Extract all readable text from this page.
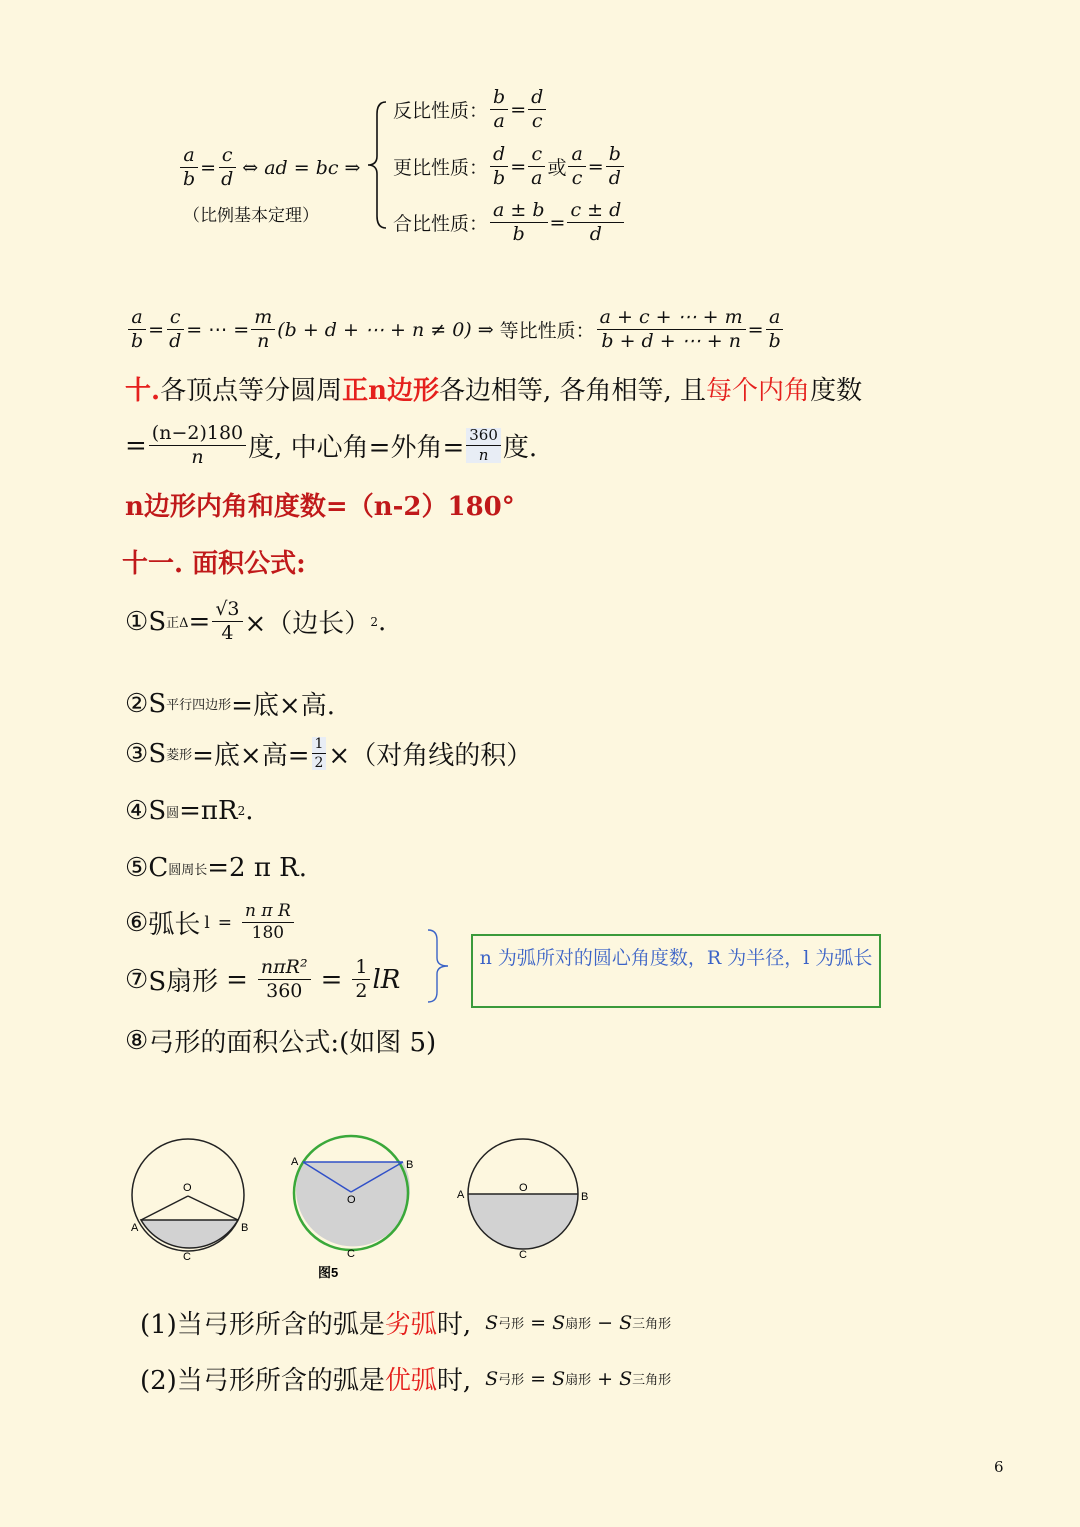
$\frac{a}{b} = \frac{c}{d}$ ⇔ ad = bc ⇒
（比例基本定理）
反比性质： $\frac{b}{a} = \frac{d}{c}$
更比性质： $\frac{d}{b} = \frac{c}{a}$ 或 $\frac{a}{c} = \frac{b}{d}$
合比性质： $\frac{a \pm b}{b} = \frac{c \pm d}{d}$
$\frac{a}{b} = \frac{c}{d}$ = ⋯ = $\frac{m}{n} (b + d$ + ⋯ + n ≠ 0) ⇒ 等比性质： $\frac{a + c + \cdots + m}{b + d + \cdots + n} = \frac{a}{b}$
十. 各顶点等分圆周 正n边形 各边相等, 各角相等, 且 每个内角 度数
= $\frac{(n-2)180}{n}$ 度, 中心角=外角= $\frac{360}{n}$ 度.
n边形内角和度数=（n-2）180°
十一. 面积公式:
① S 正$\Delta = \frac{√3}{4}$ ×（边长） 2 .
② S 平行四边形 =底×高.
③ S 菱形 =底×高= $\frac{1}{2}$ ×（对角线的积）
④ S 圆 =πR 2 .
⑤ C 圆周长 =2 π R.
⑥ 弧长 $l = \frac{\text{n π R}}{180}$
⑦ S扇形 = $\frac{\text{nπR²}}{360} = \frac{1}{2}$ lR
⑧ 弓形的面积公式:(如图 5)
n 为弧所对的圆心角度数，R 为半径，l 为弧长
O
A	B
C
O
A	B
C
O
A	B
C
图5
(1)当弓形所含的弧是 劣弧 时, S 弓形 = S 扇形 − S 三角形
(2)当弓形所含的弧是 优弧 时, S 弓形 = S 扇形 + S 三角形
6
